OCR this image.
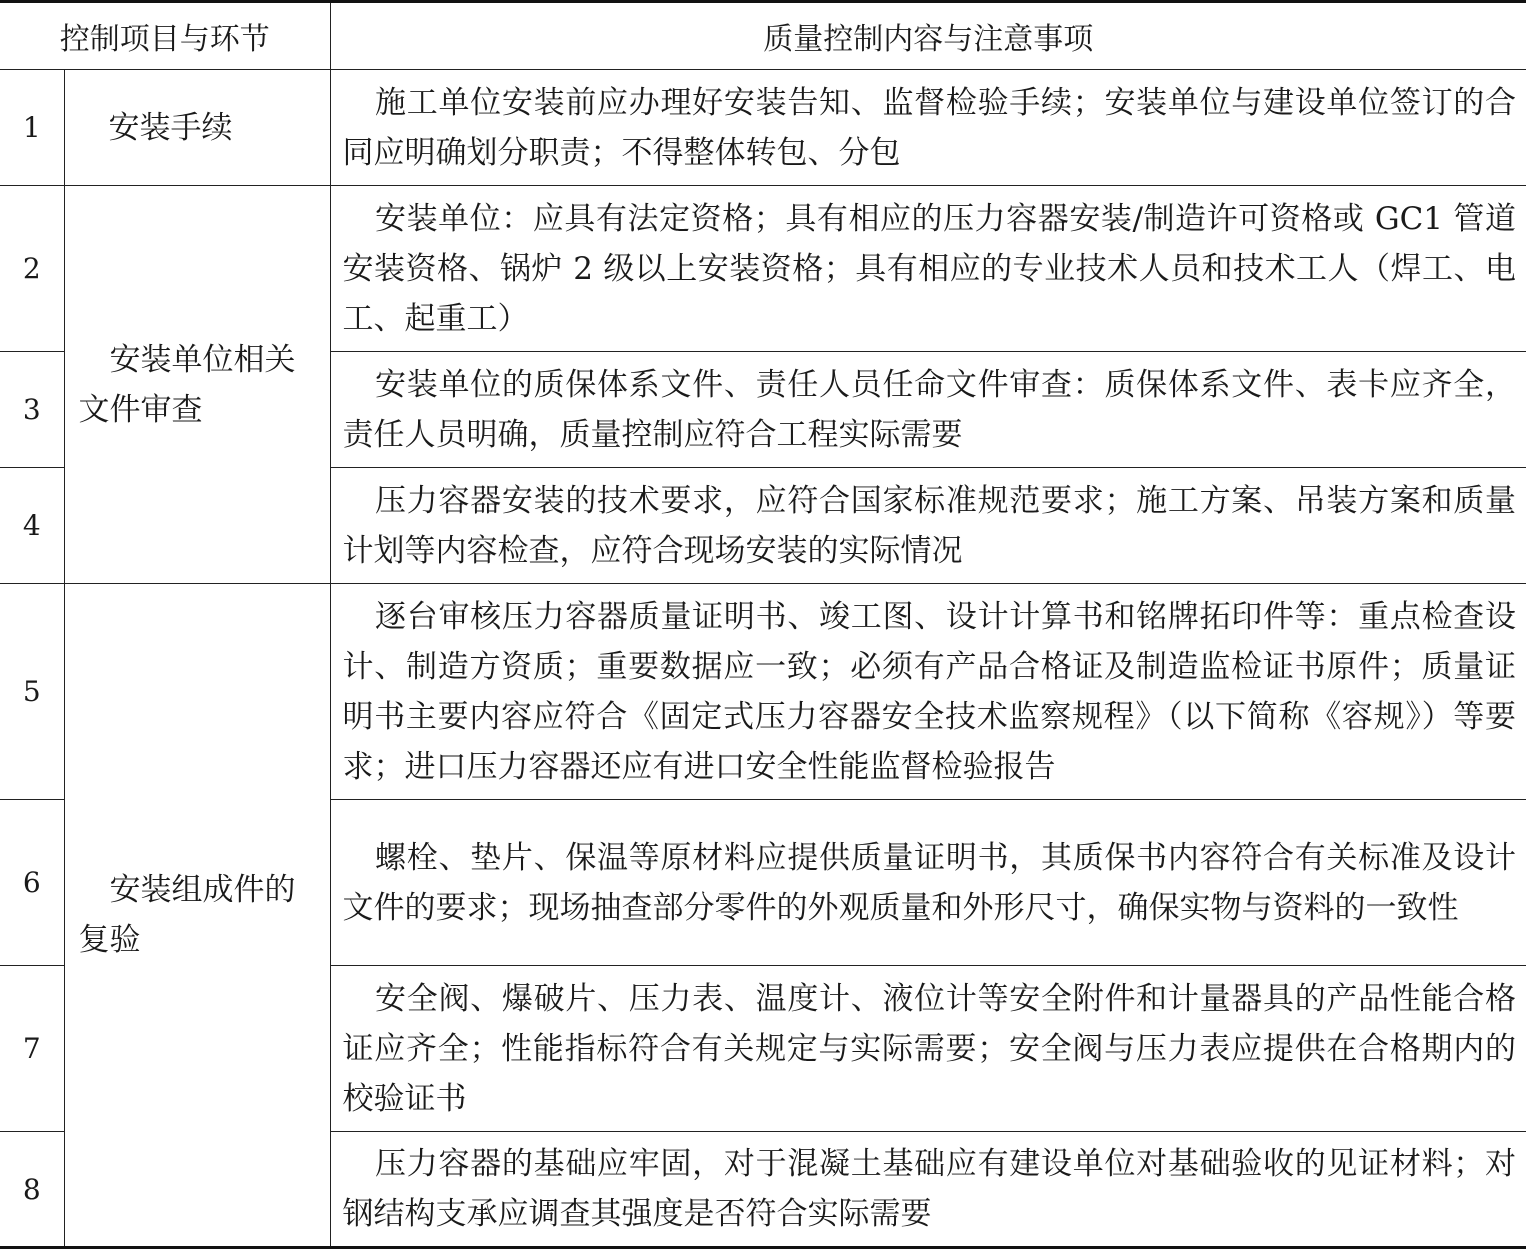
控制项目与环节		质量控制内容与注意事项
1	安装手续	施工单位安装前应办理好安装告知、监督检验手续；安装单位与建设单位签订的合同应明确划分职责；不得整体转包、分包
2	安装单位相关文件审查	安装单位：应具有法定资格；具有相应的压力容器安装/制造许可资格或 GC1 管道安装资格、锅炉 2 级以上安装资格；具有相应的专业技术人员和技术工人（焊工、电工、起重工）
3		安装单位的质保体系文件、责任人员任命文件审查：质保体系文件、表卡应齐全，责任人员明确，质量控制应符合工程实际需要
4		压力容器安装的技术要求，应符合国家标准规范要求；施工方案、吊装方案和质量计划等内容检查，应符合现场安装的实际情况
5	安装组成件的复验	逐台审核压力容器质量证明书、竣工图、设计计算书和铭牌拓印件等：重点检查设计、制造方资质；重要数据应一致；必须有产品合格证及制造监检证书原件；质量证明书主要内容应符合《固定式压力容器安全技术监察规程》（以下简称《容规》）等要求；进口压力容器还应有进口安全性能监督检验报告
6		螺栓、垫片、保温等原材料应提供质量证明书，其质保书内容符合有关标准及设计文件的要求；现场抽查部分零件的外观质量和外形尺寸，确保实物与资料的一致性
7		安全阀、爆破片、压力表、温度计、液位计等安全附件和计量器具的产品性能合格证应齐全；性能指标符合有关规定与实际需要；安全阀与压力表应提供在合格期内的校验证书
8		压力容器的基础应牢固，对于混凝土基础应有建设单位对基础验收的见证材料；对钢结构支承应调查其强度是否符合实际需要
